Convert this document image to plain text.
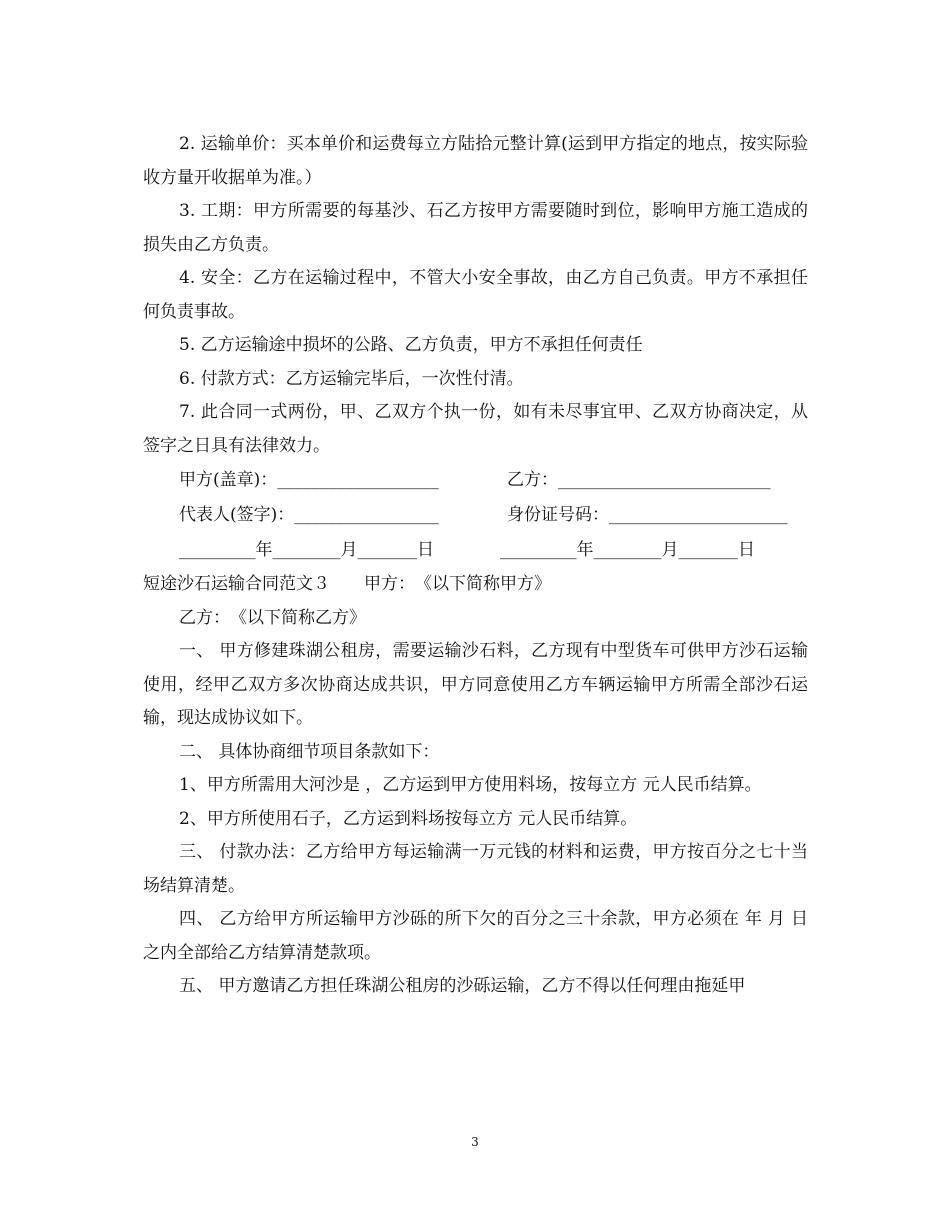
2. 运输单价：买本单价和运费每立方陆拾元整计算(运到甲方指定的地点，按实际验收方量开收据单为准。）

3. 工期：甲方所需要的每基沙、石乙方按甲方需要随时到位，影响甲方施工造成的损失由乙方负责。

4. 安全：乙方在运输过程中，不管大小安全事故，由乙方自己负责。甲方不承担任何负责事故。

5. 乙方运输途中损坏的公路、乙方负责，甲方不承担任何责任

6. 付款方式：乙方运输完毕后，一次性付清。

7. 此合同一式两份，甲、乙双方个执一份，如有未尽事宜甲、乙双方协商决定，从签字之日具有法律效力。

甲方(盖章)：___________________	乙方：_________________________
代表人(签字)：_________________	身份证号码：_____________________
_________年________月_______日	_________年________月_______日

短途沙石运输合同范文３　　甲方：　《以下简称甲方》

乙方：　《以下简称乙方》

一、 甲方修建珠湖公租房，需要运输沙石料，乙方现有中型货车可供甲方沙石运输使用，经甲乙双方多次协商达成共识，甲方同意使用乙方车辆运输甲方所需全部沙石运输，现达成协议如下。

二、 具体协商细节项目条款如下：

1、甲方所需用大河沙是 ，乙方运到甲方使用料场，按每立方 元人民币结算。

2、甲方所使用石子，乙方运到料场按每立方 元人民币结算。

三、 付款办法：乙方给甲方每运输满一万元钱的材料和运费，甲方按百分之七十当场结算清楚。

四、 乙方给甲方所运输甲方沙砾的所下欠的百分之三十余款，甲方必须在 年 月 日之内全部给乙方结算清楚款项。

五、 甲方邀请乙方担任珠湖公租房的沙砾运输，乙方不得以任何理由拖延甲

3
